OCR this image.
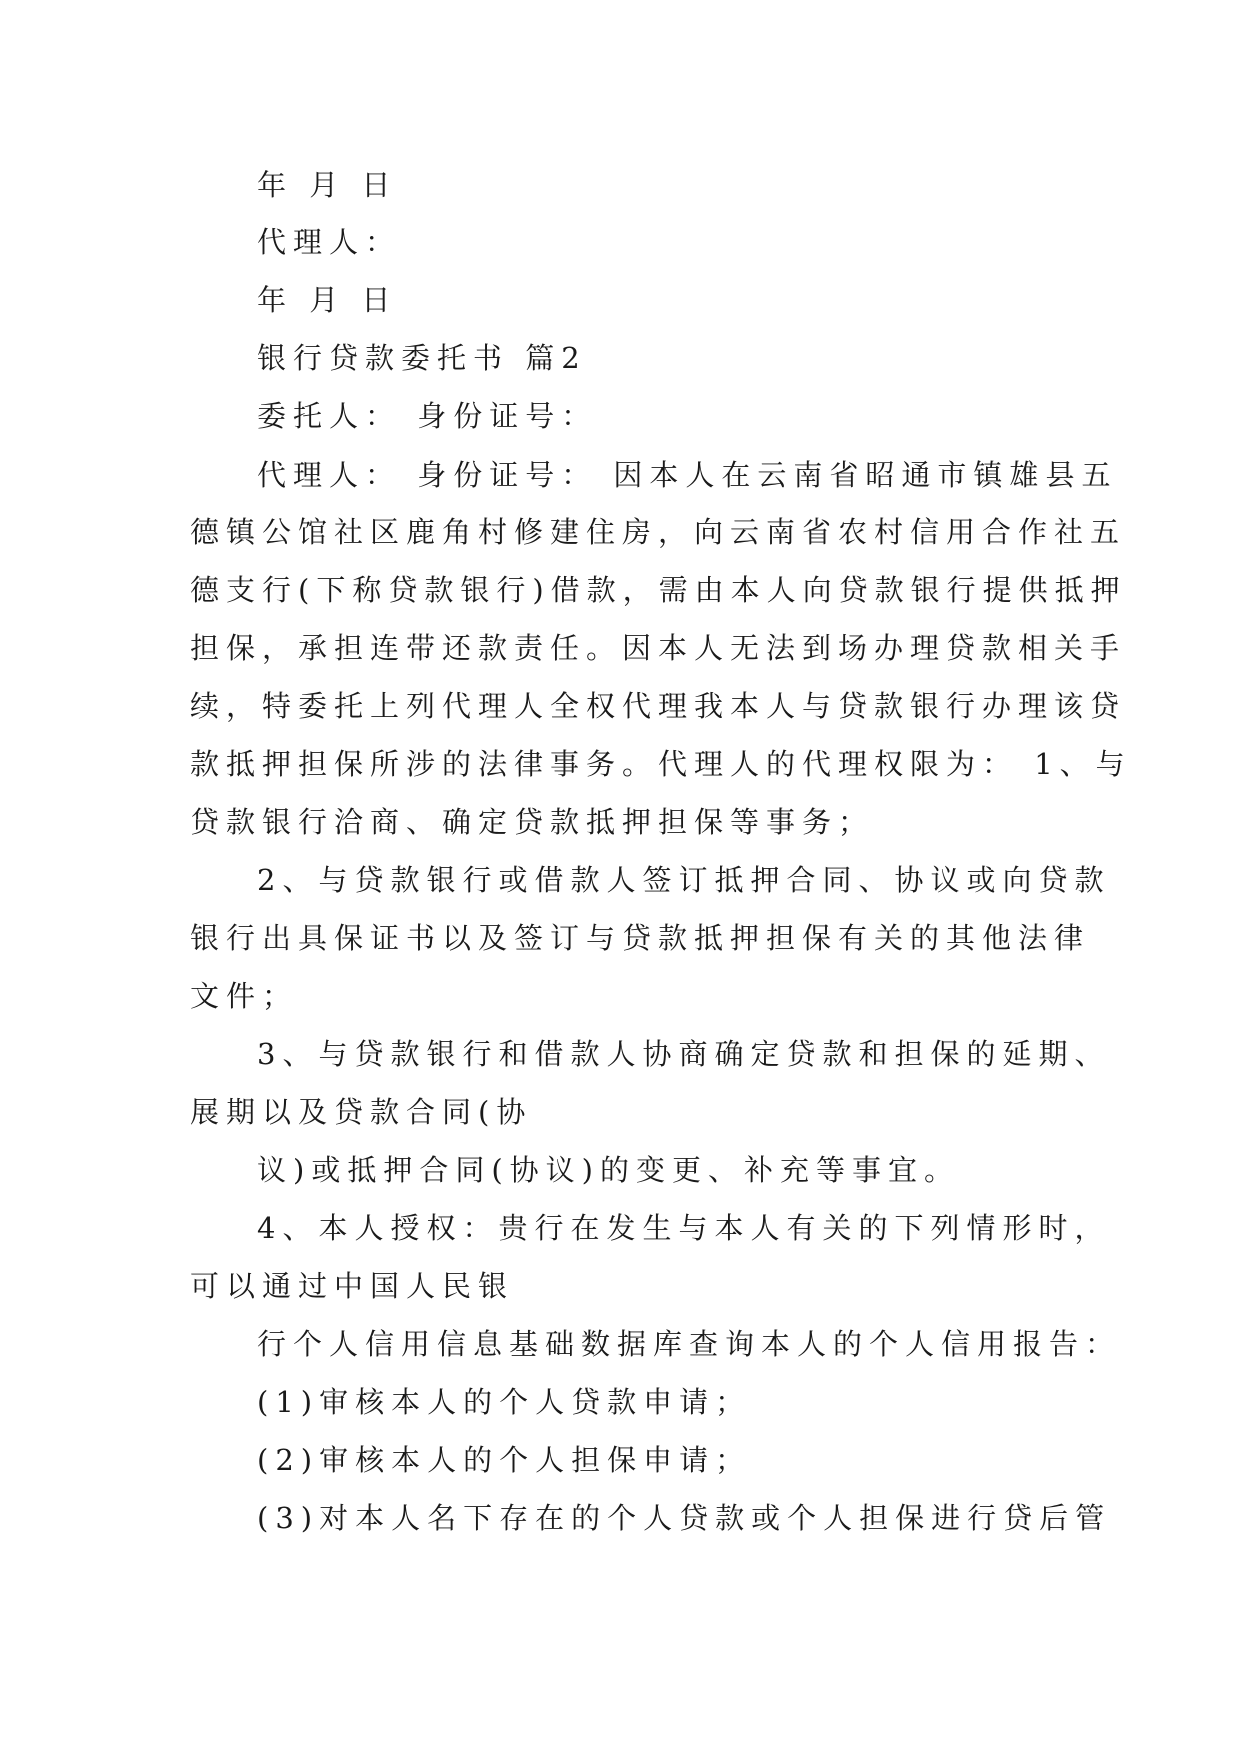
年 月 日
代理人：
年 月 日
银行贷款委托书 篇2
委托人： 身份证号：
代理人： 身份证号： 因本人在云南省昭通市镇雄县五
德镇公馆社区鹿角村修建住房，向云南省农村信用合作社五
德支行(下称贷款银行)借款，需由本人向贷款银行提供抵押
担保，承担连带还款责任。因本人无法到场办理贷款相关手
续，特委托上列代理人全权代理我本人与贷款银行办理该贷
款抵押担保所涉的法律事务。代理人的代理权限为： 1、与
贷款银行洽商、确定贷款抵押担保等事务；
2、与贷款银行或借款人签订抵押合同、协议或向贷款
银行出具保证书以及签订与贷款抵押担保有关的其他法律
文件；
3、与贷款银行和借款人协商确定贷款和担保的延期、
展期以及贷款合同(协
议)或抵押合同(协议)的变更、补充等事宜。
4、本人授权：贵行在发生与本人有关的下列情形时，
可以通过中国人民银
行个人信用信息基础数据库查询本人的个人信用报告：
(1)审核本人的个人贷款申请；
(2)审核本人的个人担保申请；
(3)对本人名下存在的个人贷款或个人担保进行贷后管
